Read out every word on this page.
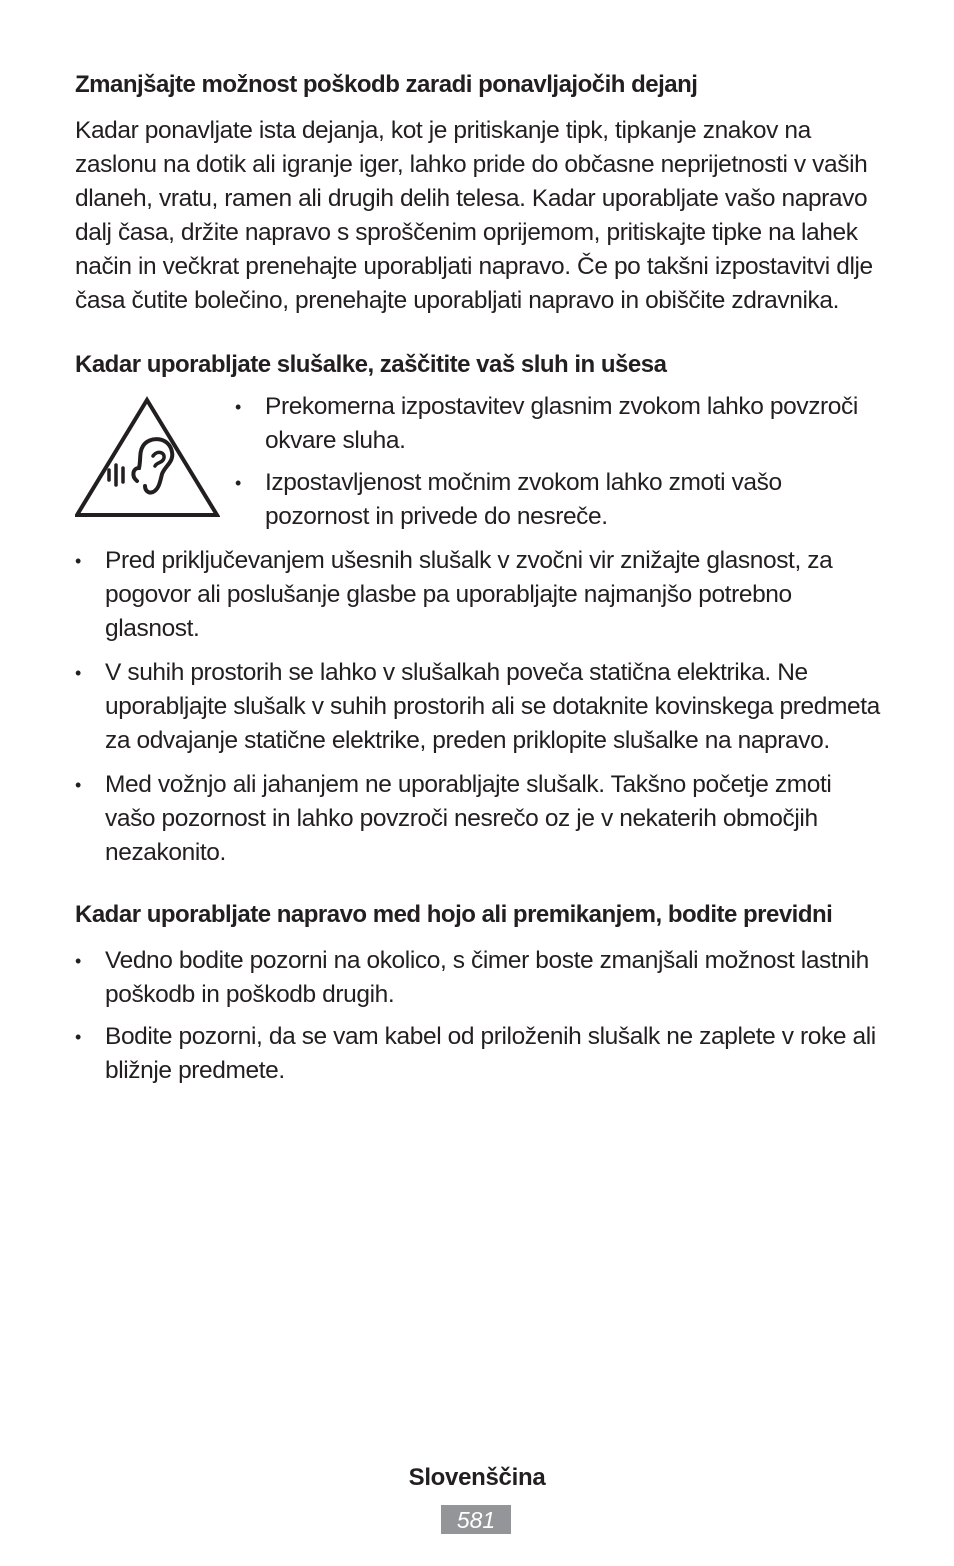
Zmanjšajte možnost poškodb zaradi ponavljajočih dejanj

Kadar ponavljate ista dejanja, kot je pritiskanje tipk, tipkanje znakov na zaslonu na dotik ali igranje iger, lahko pride do občasne neprijetnosti v vaših dlaneh, vratu, ramen ali drugih delih telesa. Kadar uporabljate vašo napravo dalj časa, držite napravo s sproščenim oprijemom, pritiskajte tipke na lahek način in večkrat prenehajte uporabljati napravo. Če po takšni izpostavitvi dlje časa čutite bolečino, prenehajte uporabljati napravo in obiščite zdravnika.

Kadar uporabljate slušalke, zaščitite vaš sluh in ušesa
• Prekomerna izpostavitev glasnim zvokom lahko povzroči okvare sluha.
• Izpostavljenost močnim zvokom lahko zmoti vašo pozornost in privede do nesreče.
• Pred priključevanjem ušesnih slušalk v zvočni vir znižajte glasnost, za pogovor ali poslušanje glasbe pa uporabljajte najmanjšo potrebno glasnost.
• V suhih prostorih se lahko v slušalkah poveča statična elektrika. Ne uporabljajte slušalk v suhih prostorih ali se dotaknite kovinskega predmeta za odvajanje statične elektrike, preden priklopite slušalke na napravo.
• Med vožnjo ali jahanjem ne uporabljajte slušalk. Takšno početje zmoti vašo pozornost in lahko povzroči nesrečo oz je v nekaterih območjih nezakonito.
Kadar uporabljate napravo med hojo ali premikanjem, bodite previdni
• Vedno bodite pozorni na okolico, s čimer boste zmanjšali možnost lastnih poškodb in poškodb drugih.
• Bodite pozorni, da se vam kabel od priloženih slušalk ne zaplete v roke ali bližnje predmete.
Slovenščina
581
